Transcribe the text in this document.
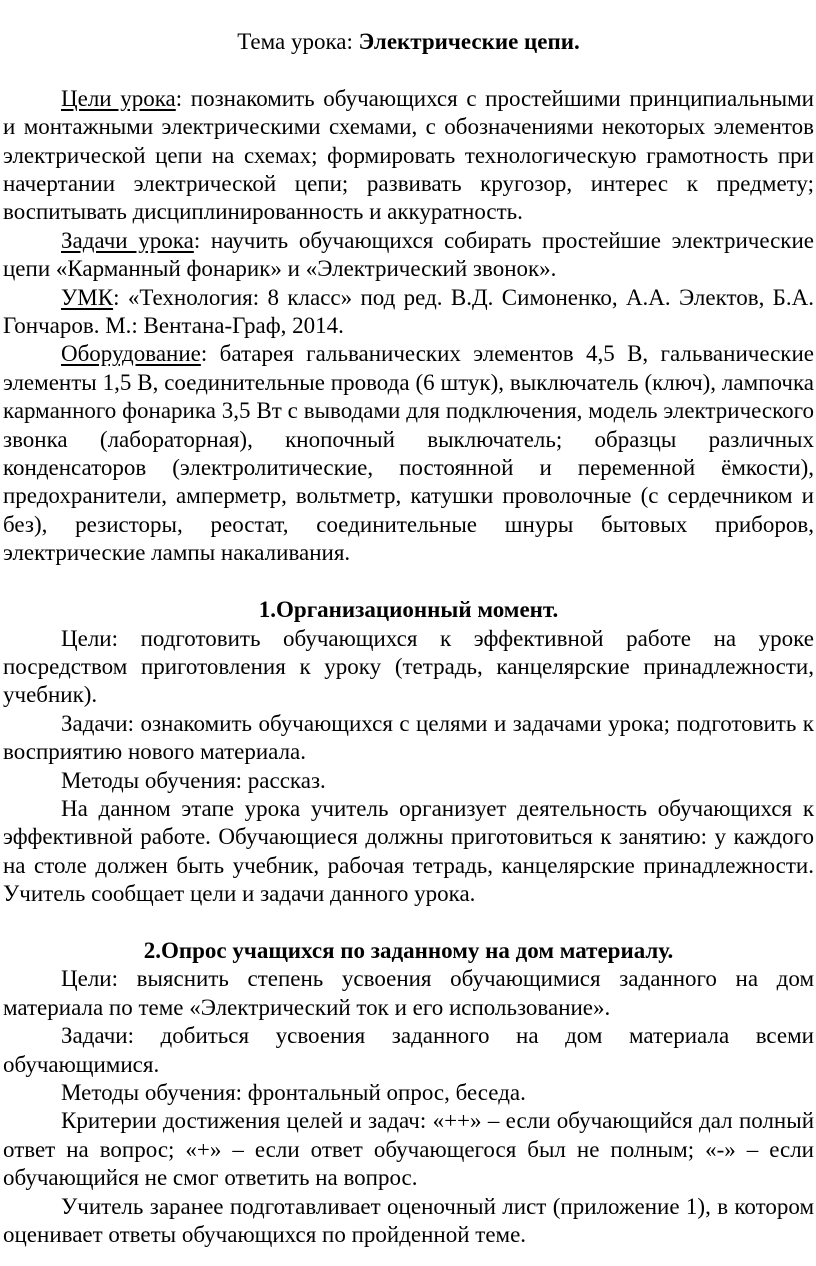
Тема урока: Электрические цепи.

Цели урока: познакомить обучающихся с простейшими принципиальными и монтажными электрическими схемами, с обозначениями некоторых элементов электрической цепи на схемах; формировать технологическую грамотность при начертании электрической цепи; развивать кругозор, интерес к предмету; воспитывать дисциплинированность и аккуратность.

Задачи урока: научить обучающихся собирать простейшие электрические цепи «Карманный фонарик» и «Электрический звонок».

УМК: «Технология: 8 класс» под ред. В.Д. Симоненко, А.А. Электов, Б.А. Гончаров. М.: Вентана-Граф, 2014.

Оборудование: батарея гальванических элементов 4,5 В, гальванические элементы 1,5 В, соединительные провода (6 штук), выключатель (ключ), лампочка карманного фонарика 3,5 Вт с выводами для подключения, модель электрического звонка (лабораторная), кнопочный выключатель; образцы различных конденсаторов (электролитические, постоянной и переменной ёмкости), предохранители, амперметр, вольтметр, катушки проволочные (с сердечником и без), резисторы, реостат, соединительные шнуры бытовых приборов, электрические лампы накаливания.

1.Организационный момент.

Цели: подготовить обучающихся к эффективной работе на уроке посредством приготовления к уроку (тетрадь, канцелярские принадлежности, учебник).

Задачи: ознакомить обучающихся с целями и задачами урока; подготовить к восприятию нового материала.

Методы обучения: рассказ.

На данном этапе урока учитель организует деятельность обучающихся к эффективной работе. Обучающиеся должны приготовиться к занятию: у каждого на столе должен быть учебник, рабочая тетрадь, канцелярские принадлежности. Учитель сообщает цели и задачи данного урока.

2.Опрос учащихся по заданному на дом материалу.

Цели: выяснить степень усвоения обучающимися заданного на дом материала по теме «Электрический ток и его использование».

Задачи: добиться усвоения заданного на дом материала всеми обучающимися.

Методы обучения: фронтальный опрос, беседа.

Критерии достижения целей и задач: «++» – если обучающийся дал полный ответ на вопрос; «+» – если ответ обучающегося был не полным; «-» – если обучающийся не смог ответить на вопрос.

Учитель заранее подготавливает оценочный лист (приложение 1), в котором оценивает ответы обучающихся по пройденной теме.
